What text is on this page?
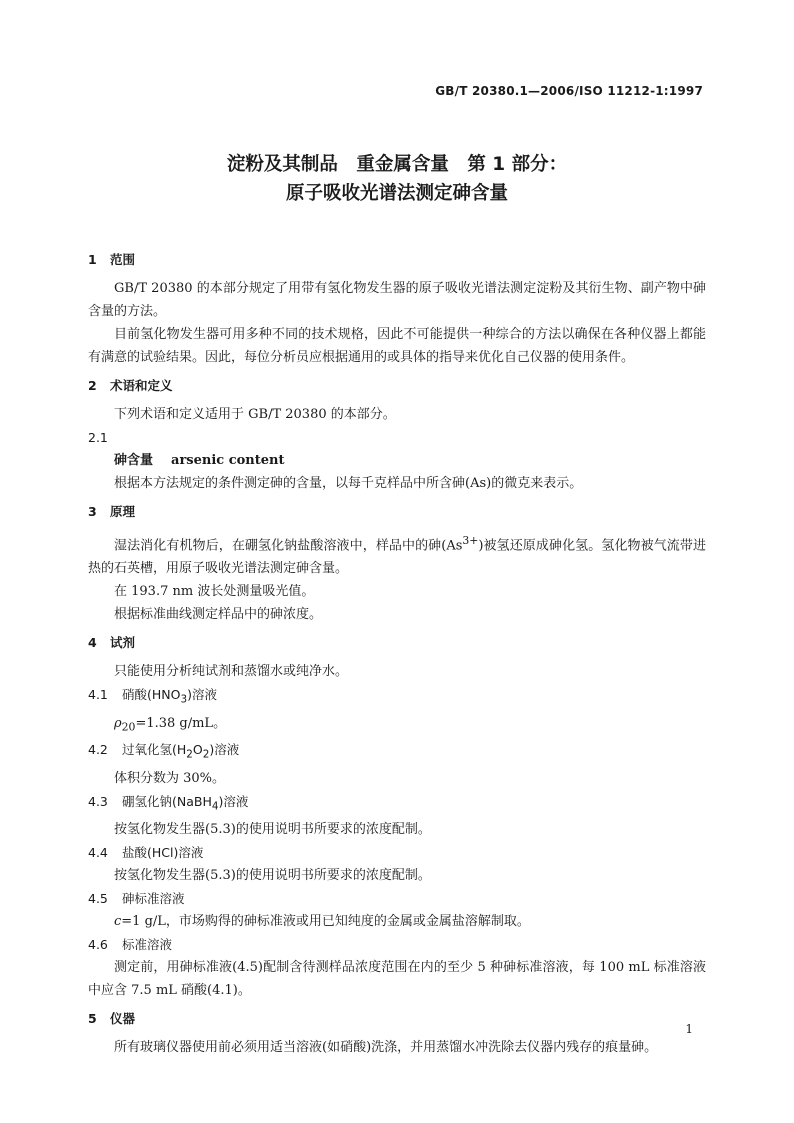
GB/T 20380.1—2006/ISO 11212-1:1997
淀粉及其制品　重金属含量　第 1 部分：
原子吸收光谱法测定砷含量
1 范围
GB/T 20380 的本部分规定了用带有氢化物发生器的原子吸收光谱法测定淀粉及其衍生物、副产物中砷含量的方法。
目前氢化物发生器可用多种不同的技术规格，因此不可能提供一种综合的方法以确保在各种仪器上都能有满意的试验结果。因此，每位分析员应根据通用的或具体的指导来优化自己仪器的使用条件。
2 术语和定义
下列术语和定义适用于 GB/T 20380 的本部分。
2.1
砷含量 arsenic content
根据本方法规定的条件测定砷的含量，以每千克样品中所含砷(As)的微克来表示。
3 原理
湿法消化有机物后，在硼氢化钠盐酸溶液中，样品中的砷$(As^{3+})$被氢还原成砷化氢。氢化物被气流带进热的石英槽，用原子吸收光谱法测定砷含量。
在 193.7 nm 波长处测量吸光值。
根据标准曲线测定样品中的砷浓度。
4 试剂
只能使用分析纯试剂和蒸馏水或纯净水。
4.1 硝酸$(HNO_3)$溶液
$\rho_{20}=1.38$ g/mL。
4.2 过氧化氢$(H_2O_2)$溶液
体积分数为 30%。
4.3 硼氢化钠(NaBH$_4$)溶液
按氢化物发生器(5.3)的使用说明书所要求的浓度配制。
4.4 盐酸(HCl)溶液
按氢化物发生器(5.3)的使用说明书所要求的浓度配制。
4.5 砷标准溶液
c=1 g/L，市场购得的砷标准液或用已知纯度的金属或金属盐溶解制取。
4.6 标准溶液
测定前，用砷标准液(4.5)配制含待测样品浓度范围在内的至少 5 种砷标准溶液，每 100 mL 标准溶液中应含 7.5 mL 硝酸(4.1)。
5 仪器
所有玻璃仪器使用前必须用适当溶液(如硝酸)洗涤，并用蒸馏水冲洗除去仪器内残存的痕量砷。
1
